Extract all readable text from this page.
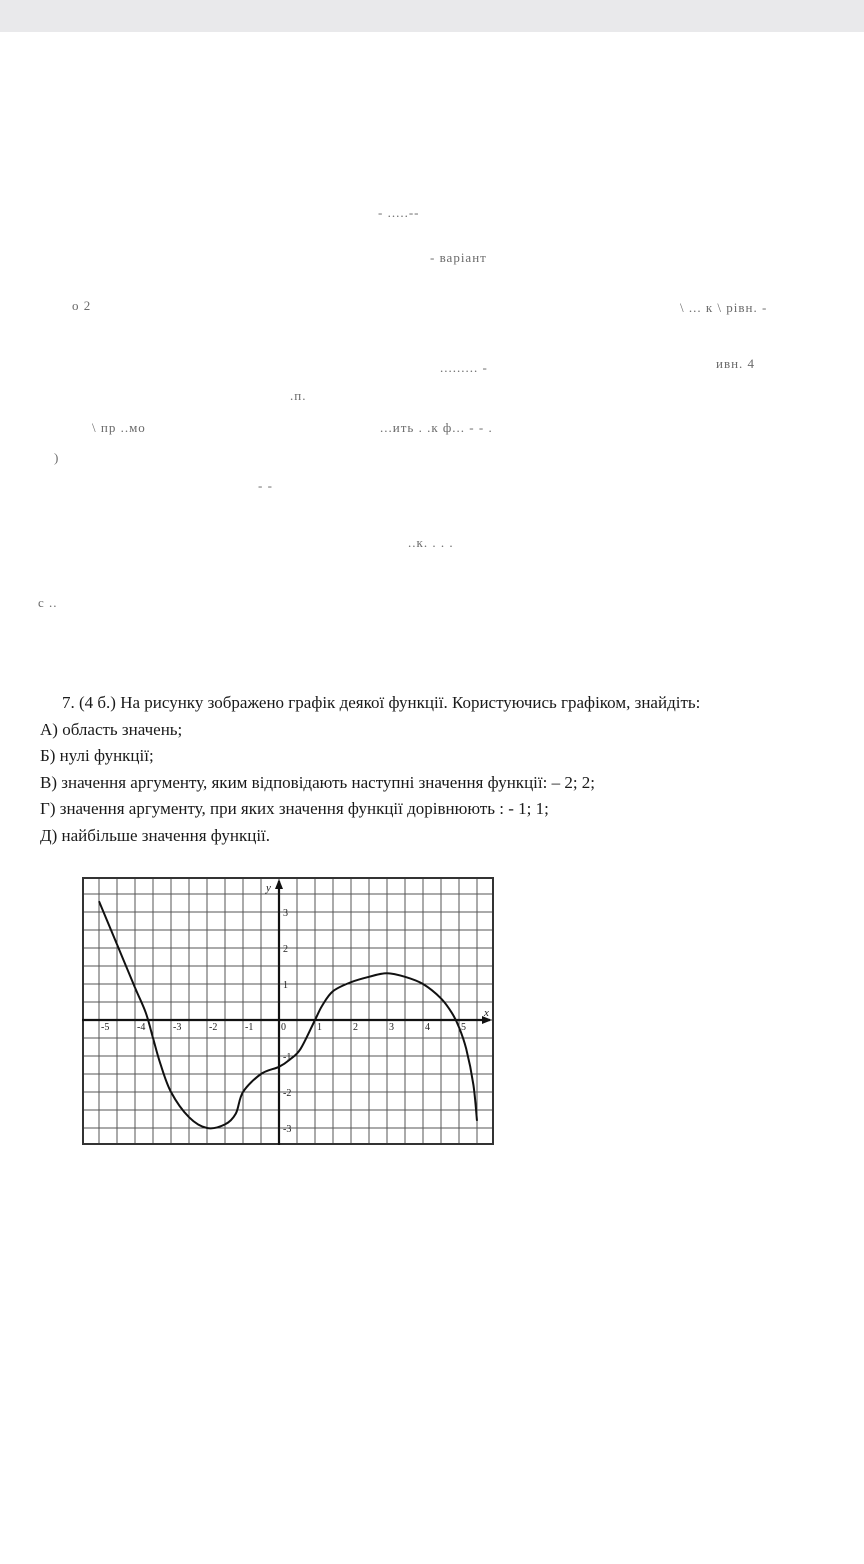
- .....--
- варіант
о 2	\ ... к \ рівн. -
......... -	ивн. 4
.п.
\ пр ..мо	...ить . .к ф... - - .
)
- -
..к. . . .
с ..
7. (4 б.) На рисунку зображено графік деякої функції. Користуючись графіком, знайдіть:
А) область значень;
Б) нулі функції;
В) значення аргументу, яким відповідають наступні значення функції: – 2; 2;
Г) значення аргументу, при яких значення функції дорівнюють : - 1; 1;
Д) найбільше значення функції.
-5	-4	-3	-2	-1	0	1	2	3	4	5
3
2
1
-1
-2
-3
x
y
